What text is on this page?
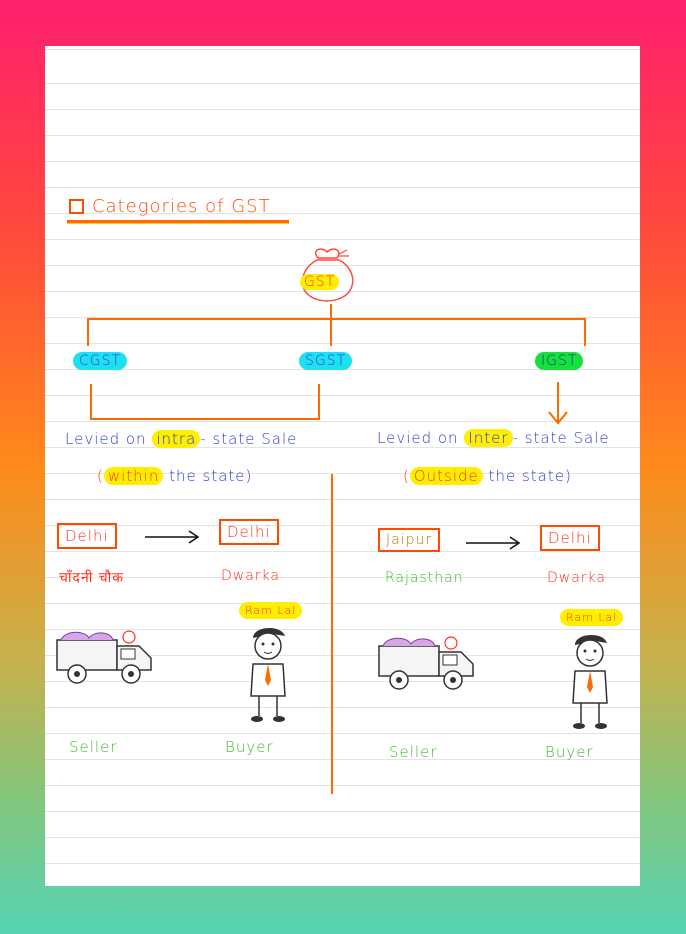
Categories of GST
GST
CGST	SGST	IGST
Levied on intra - state Sale
( within the state)
Levied on Inter - state Sale
( Outside the state)
Delhi	Delhi
चाँदनी चौक	Dwarka
Jaipur	Delhi
Rajasthan	Dwarka
Ram Lal
Ram Lal
Seller	Buyer	Seller	Buyer
